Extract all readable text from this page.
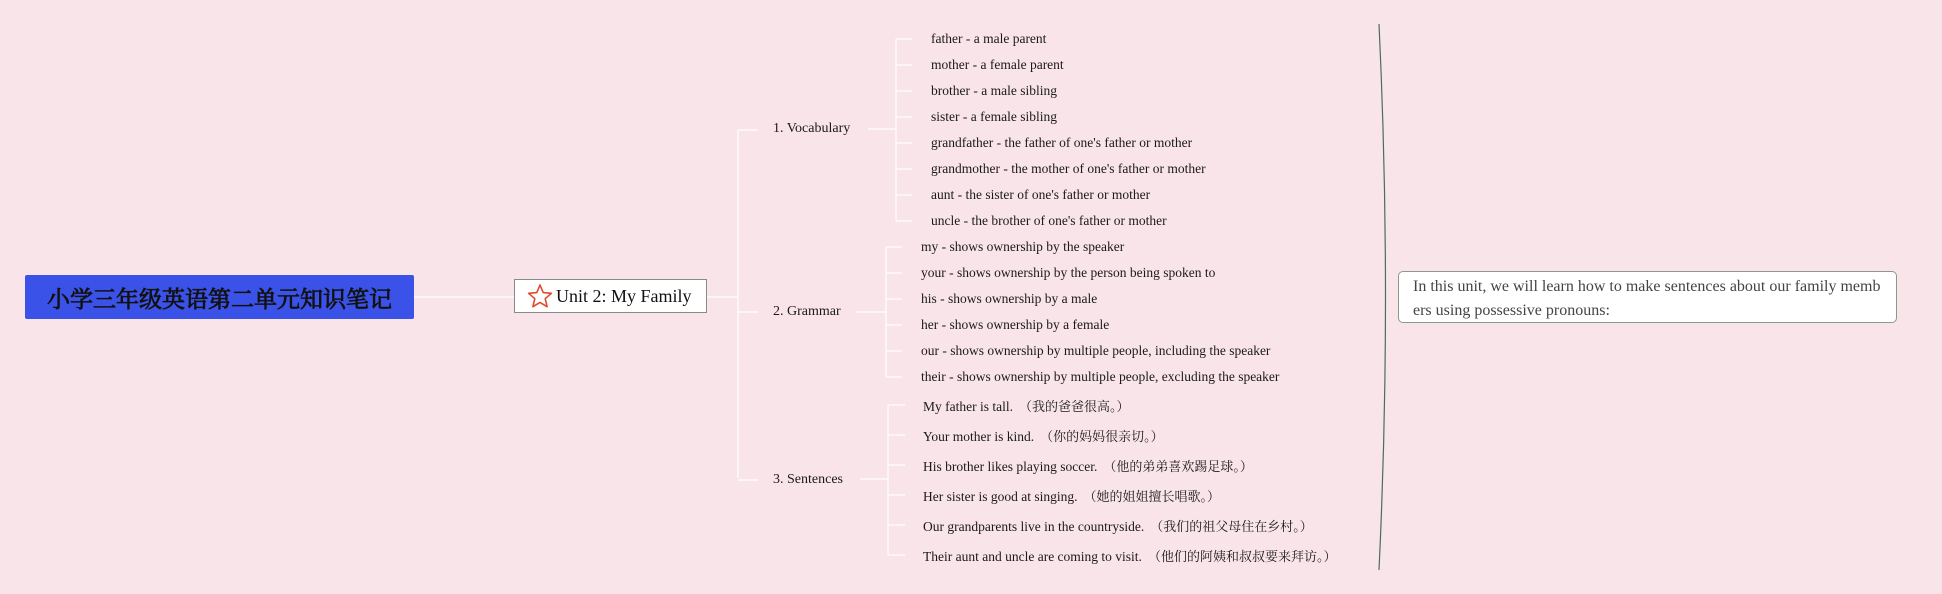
小学三年级英语第二单元知识笔记	Unit 2: My Family
1. Vocabulary
2. Grammar
3. Sentences
father - a male parent
mother - a female parent
brother - a male sibling
sister - a female sibling
grandfather - the father of one's father or mother
grandmother - the mother of one's father or mother
aunt - the sister of one's father or mother
uncle - the brother of one's father or mother
my - shows ownership by the speaker
your - shows ownership by the person being spoken to
his - shows ownership by a male
her - shows ownership by a female
our - shows ownership by multiple people, including the speaker
their - shows ownership by multiple people, excluding the speaker
My father is tall. （我的爸爸很高。）
Your mother is kind. （你的妈妈很亲切。）
His brother likes playing soccer. （他的弟弟喜欢踢足球。）
Her sister is good at singing. （她的姐姐擅长唱歌。）
Our grandparents live in the countryside. （我们的祖父母住在乡村。）
Their aunt and uncle are coming to visit. （他们的阿姨和叔叔要来拜访。）
In this unit, we will learn how to make sentences about our family members using possessive pronouns:
